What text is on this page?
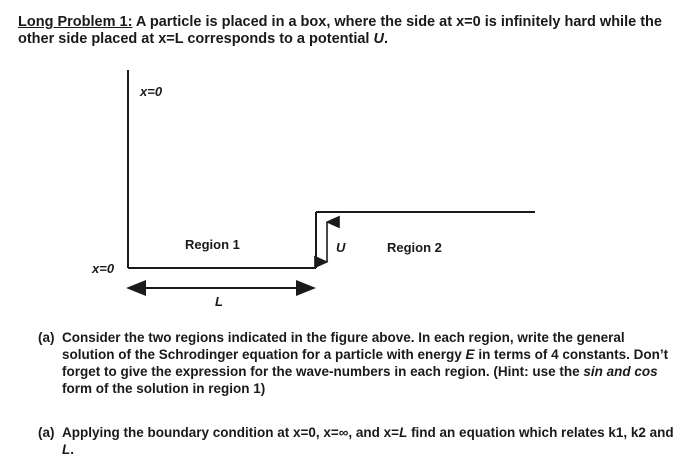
Long Problem 1: A particle is placed in a box, where the side at x=0 is infinitely hard while the other side placed at x=L corresponds to a potential U.
x=0
x=0
Region 1	Region 2
U
L
(a) Consider the two regions indicated in the figure above. In each region, write the general solution of the Schrodinger equation for a particle with energy E in terms of 4 constants. Don’t forget to give the expression for the wave-numbers in each region. (Hint: use the sin and cos form of the solution in region 1)
(a) Applying the boundary condition at x=0, x=∞, and x=L find an equation which relates k1, k2 and L.
